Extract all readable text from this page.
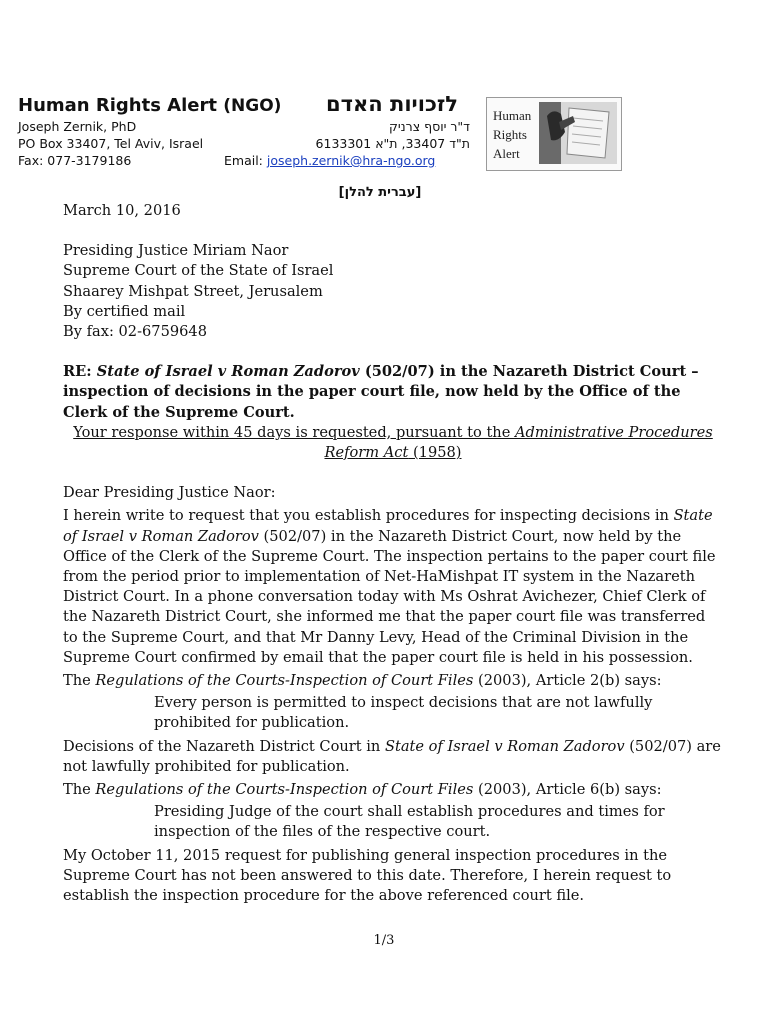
Human Rights Alert (NGO) לזכויות האדם
Joseph Zernik, PhD
PO Box 33407, Tel Aviv, Israel
Fax: 077-3179186	Email: joseph.zernik@hra-ngo.org
ד"ר יוסף צרניק
ת"ד 33407, ת"א 6133301
Human
Rights
Alert
[עברית להלן]

March 10, 2016

Presiding Justice Miriam Naor

Supreme Court of the State of Israel

Shaarey Mishpat Street, Jerusalem

By certified mail

By fax: 02-6759648

RE: State of Israel v Roman Zadorov (502/07) in the Nazareth District Court – inspection of decisions in the paper court file, now held by the Office of the Clerk of the Supreme Court.

Your response within 45 days is requested, pursuant to the Administrative Procedures Reform Act (1958)

Dear Presiding Justice Naor:

I herein write to request that you establish procedures for inspecting decisions in State of Israel v Roman Zadorov (502/07) in the Nazareth District Court, now held by the Office of the Clerk of the Supreme Court. The inspection pertains to the paper court file from the period prior to implementation of Net-HaMishpat IT system in the Nazareth District Court. In a phone conversation today with Ms Oshrat Avichezer, Chief Clerk of the Nazareth District Court, she informed me that the paper court file was transferred to the Supreme Court, and that Mr Danny Levy, Head of the Criminal Division in the Supreme Court confirmed by email that the paper court file is held in his possession.

The Regulations of the Courts-Inspection of Court Files (2003), Article 2(b) says:

Every person is permitted to inspect decisions that are not lawfully prohibited for publication.

Decisions of the Nazareth District Court in State of Israel v Roman Zadorov (502/07) are not lawfully prohibited for publication.

The Regulations of the Courts-Inspection of Court Files (2003), Article 6(b) says:

Presiding Judge of the court shall establish procedures and times for inspection of the files of the respective court.

My October 11, 2015 request for publishing general inspection procedures in the Supreme Court has not been answered to this date. Therefore, I herein request to establish the inspection procedure for the above referenced court file.

1/3
